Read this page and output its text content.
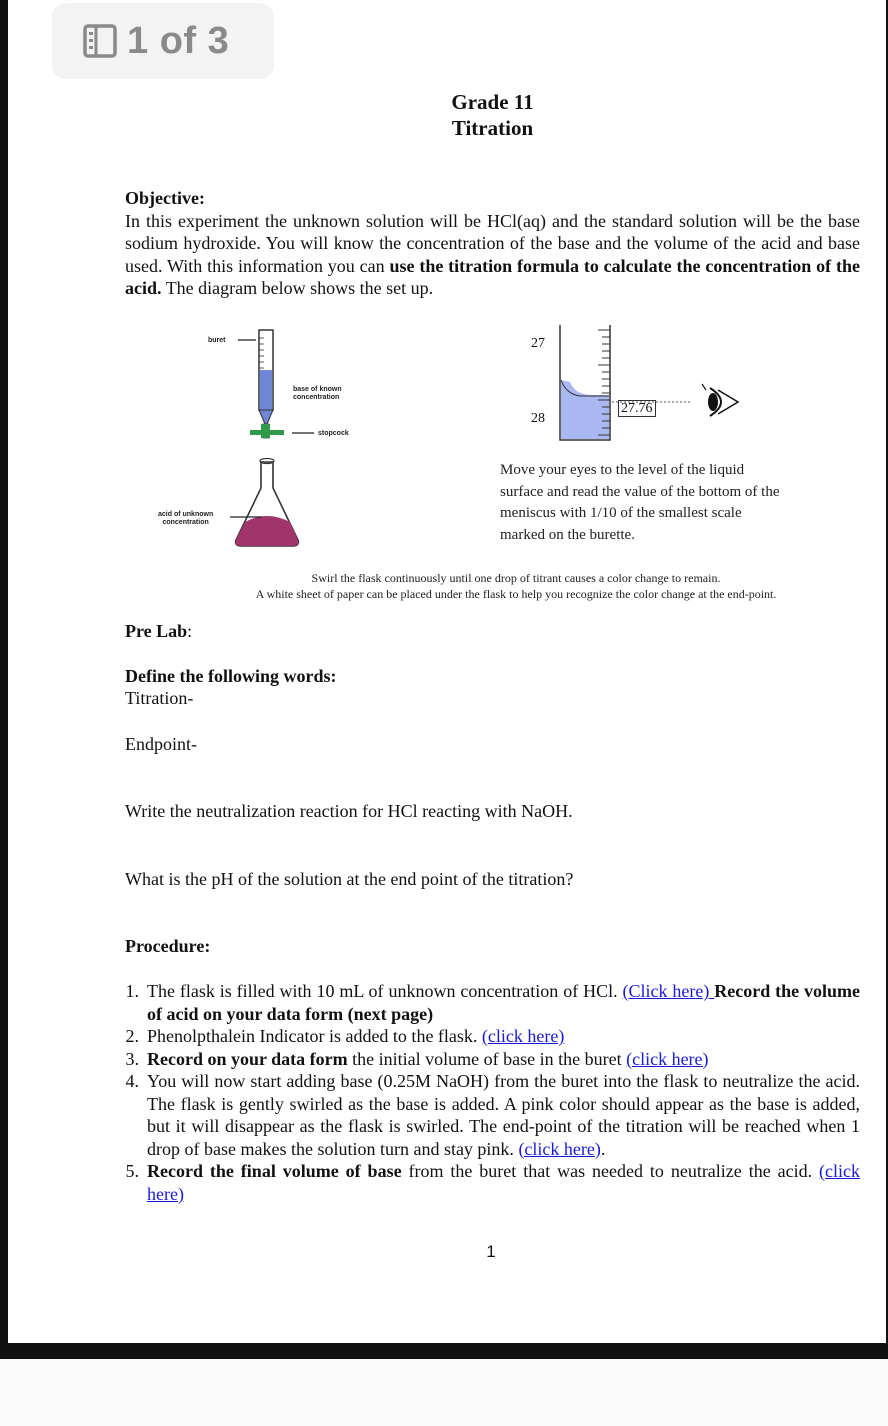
1 of 3
Grade 11
Titration
Objective:
In this experiment the unknown solution will be HCl(aq) and the standard solution will be the base sodium hydroxide. You will know the concentration of the base and the volume of the acid and base used. With this information you can use the titration formula to calculate the concentration of the acid. The diagram below shows the set up.
buret
base of known
concentration
stopcock
acid of unknown
concentration
27
28
27.76
Move your eyes to the level of the liquid surface and read the value of the bottom of the meniscus with 1/10 of the smallest scale marked on the burette.
Swirl the flask continuously until one drop of titrant causes a color change to remain.
A white sheet of paper can be placed under the flask to help you recognize the color change at the end-point.
Pre Lab:
Define the following words:
Titration-
Endpoint-
Write the neutralization reaction for HCl reacting with NaOH.
What is the pH of the solution at the end point of the titration?
Procedure:
1. The flask is filled with 10 mL of unknown concentration of HCl. (Click here) Record the volume of acid on your data form (next page)
2. Phenolpthalein Indicator is added to the flask. (click here)
3. Record on your data form the initial volume of base in the buret (click here)
4. You will now start adding base (0.25M NaOH) from the buret into the flask to neutralize the acid. The flask is gently swirled as the base is added. A pink color should appear as the base is added, but it will disappear as the flask is swirled. The end-point of the titration will be reached when 1 drop of base makes the solution turn and stay pink. (click here).
5. Record the final volume of base from the buret that was needed to neutralize the acid. (click here)
1
